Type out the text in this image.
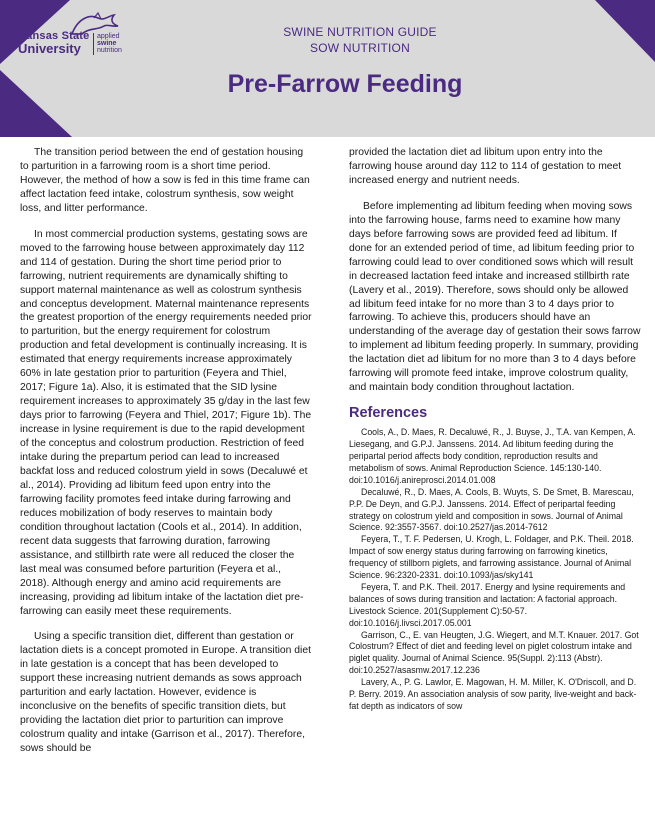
Kansas State
University
applied
swine
nutrition
SWINE NUTRITION GUIDE
SOW NUTRITION
Pre-Farrow Feeding

The transition period between the end of gestation housing to parturition in a farrowing room is a short time period. However, the method of how a sow is fed in this time frame can affect lactation feed intake, colostrum synthesis, sow weight loss, and litter performance.

In most commercial production systems, gestating sows are moved to the farrowing house between approximately day 112 and 114 of gestation. During the short time period prior to farrowing, nutrient requirements are dynamically shifting to support maternal maintenance as well as colostrum synthesis and conceptus development. Maternal maintenance represents the greatest proportion of the energy requirements needed prior to parturition, but the energy requirement for colostrum production and fetal development is continually increasing. It is estimated that energy requirements increase approximately 60% in late gestation prior to parturition (Feyera and Thiel, 2017; Figure 1a). Also, it is estimated that the SID lysine requirement increases to approximately 35 g/day in the last few days prior to farrowing (Feyera and Thiel, 2017; Figure 1b). The increase in lysine requirement is due to the rapid development of the conceptus and colostrum production. Restriction of feed intake during the prepartum period can lead to increased backfat loss and reduced colostrum yield in sows (Decaluwé et al., 2014). Providing ad libitum feed upon entry into the farrowing facility promotes feed intake during farrowing and reduces mobilization of body reserves to maintain body condition throughout lactation (Cools et al., 2014). In addition, recent data suggests that farrowing duration, farrowing assistance, and stillbirth rate were all reduced the closer the last meal was consumed before parturition (Feyera et al., 2018). Although energy and amino acid requirements are increasing, providing ad libitum intake of the lactation diet pre-farrowing can easily meet these requirements.

Using a specific transition diet, different than gestation or lactation diets is a concept promoted in Europe. A transition diet in late gestation is a concept that has been developed to support these increasing nutrient demands as sows approach parturition and early lactation. However, evidence is inconclusive on the benefits of specific transition diets, but providing the lactation diet prior to parturition can improve colostrum quality and intake (Garrison et al., 2017). Therefore, sows should be

provided the lactation diet ad libitum upon entry into the farrowing house around day 112 to 114 of gestation to meet increased energy and nutrient needs.

Before implementing ad libitum feeding when moving sows into the farrowing house, farms need to examine how many days before farrowing sows are provided feed ad libitum. If done for an extended period of time, ad libitum feeding prior to farrowing could lead to over conditioned sows which will result in decreased lactation feed intake and increased stillbirth rate (Lavery et al., 2019). Therefore, sows should only be allowed ad libitum feed intake for no more than 3 to 4 days prior to farrowing. To achieve this, producers should have an understanding of the average day of gestation their sows farrow to implement ad libitum feeding properly. In summary, providing the lactation diet ad libitum for no more than 3 to 4 days before farrowing will promote feed intake, improve colostrum quality, and maintain body condition throughout lactation.

References
Cools, A., D. Maes, R. Decaluwé, R., J. Buyse, J., T.A. van Kempen, A. Liesegang, and G.P.J. Janssens. 2014. Ad libitum feeding during the peripartal period affects body condition, reproduction results and metabolism of sows. Animal Reproduction Science. 145:130-140. doi:10.1016/j.anireprosci.2014.01.008
Decaluwé, R., D. Maes, A. Cools, B. Wuyts, S. De Smet, B. Marescau, P.P. De Deyn, and G.P.J. Janssens. 2014. Effect of peripartal feeding strategy on colostrum yield and composition in sows. Journal of Animal Science. 92:3557-3567. doi:10.2527/jas.2014-7612
Feyera, T., T. F. Pedersen, U. Krogh, L. Foldager, and P.K. Theil. 2018. Impact of sow energy status during farrowing on farrowing kinetics, frequency of stillborn piglets, and farrowing assistance. Journal of Animal Science. 96:2320-2331. doi:10.1093/jas/sky141
Feyera, T. and P.K. Theil. 2017. Energy and lysine requirements and balances of sows during transition and lactation: A factorial approach. Livestock Science. 201(Supplement C):50-57. doi:10.1016/j.livsci.2017.05.001
Garrison, C., E. van Heugten, J.G. Wiegert, and M.T. Knauer. 2017. Got Colostrum? Effect of diet and feeding level on piglet colostrum intake and piglet quality. Journal of Animal Science. 95(Suppl. 2):113 (Abstr). doi:10.2527/asasmw.2017.12.236
Lavery, A., P. G. Lawlor, E. Magowan, H. M. Miller, K. O'Driscoll, and D. P. Berry. 2019. An association analysis of sow parity, live-weight and back-fat depth as indicators of sow
